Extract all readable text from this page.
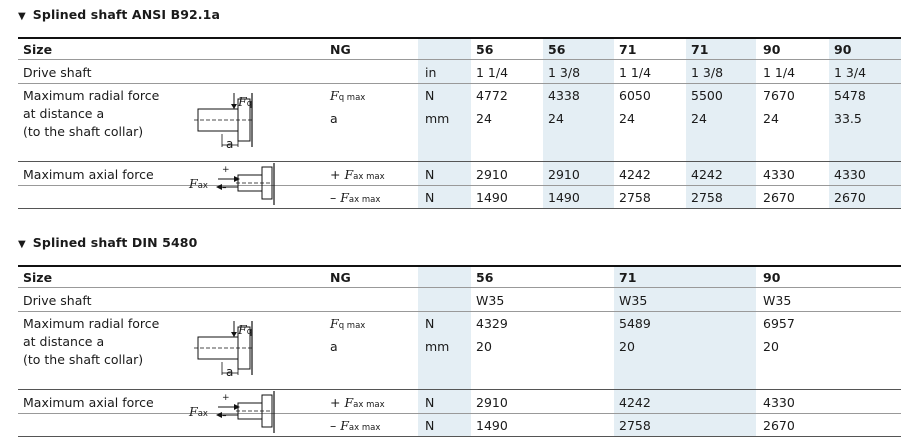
▼ Splined shaft ANSI B92.1a
Size	NG	56	56	71	71	90	90
Drive shaft	in	1 1/4	1 3/8	1 1/4	1 3/8	1 1/4	1 3/4
Maximum radial force
at distance a
(to the shaft collar)
Fq
a
Fq max	N	4772	4338	6050	5500	7670	5478
a	mm 24	24	24	24	24	33.5
Maximum axial force
Fax
+
–
+ Fax max	N	2910	2910	4242	4242	4330	4330
– Fax max	N	1490	1490	2758	2758	2670	2670
▼ Splined shaft DIN 5480
Size	NG	56	71	90
Drive shaft	W35	W35	W35
Maximum radial force
at distance a
(to the shaft collar)
Fq
a
Fq max	N	4329	5489	6957
a	mm 20	20	20
Maximum axial force
Fax
+
–
+ Fax max	N	2910	4242	4330
– Fax max	N	1490	2758	2670
